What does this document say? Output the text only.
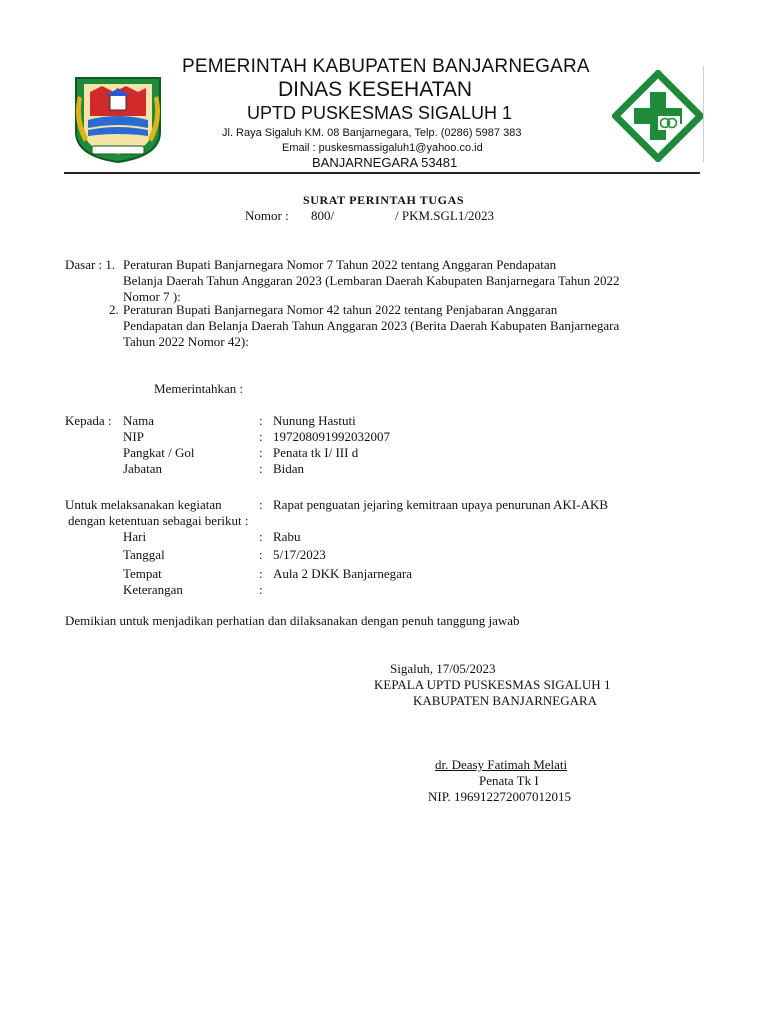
PEMERINTAH KABUPATEN BANJARNEGARA
DINAS KESEHATAN
UPTD PUSKESMAS SIGALUH 1
Jl. Raya Sigaluh KM. 08 Banjarnegara, Telp. (0286) 5987 383
Email : puskesmassigaluh1@yahoo.co.id
BANJARNEGARA 53481
SURAT PERINTAH TUGAS
Nomor : 800/	/ PKM.SGL1/2023
Dasar : 1. Peraturan Bupati Banjarnegara Nomor 7 Tahun 2022 tentang Anggaran Pendapatan
Belanja Daerah Tahun Anggaran 2023 (Lembaran Daerah Kabupaten Banjarnegara Tahun 2022
Nomor 7 ):
2. Peraturan Bupati Banjarnegara Nomor 42 tahun 2022 tentang Penjabaran Anggaran
Pendapatan dan Belanja Daerah Tahun Anggaran 2023 (Berita Daerah Kabupaten Banjarnegara
Tahun 2022 Nomor 42):
Memerintahkan :
Kepada : Nama	: Nunung Hastuti
NIP	: 197208091992032007
Pangkat / Gol	: Penata tk I/ III d
Jabatan	: Bidan
Untuk melaksanakan kegiatan	: Rapat penguatan jejaring kemitraan upaya penurunan AKI-AKB
dengan ketentuan sebagai berikut :
Hari	: Rabu
Tanggal	: 5/17/2023
Tempat	: Aula 2 DKK Banjarnegara
Keterangan	:
Demikian untuk menjadikan perhatian dan dilaksanakan dengan penuh tanggung jawab
Sigaluh, 17/05/2023
KEPALA UPTD PUSKESMAS SIGALUH 1
KABUPATEN BANJARNEGARA
dr. Deasy Fatimah Melati
Penata Tk I
NIP. 196912272007012015
